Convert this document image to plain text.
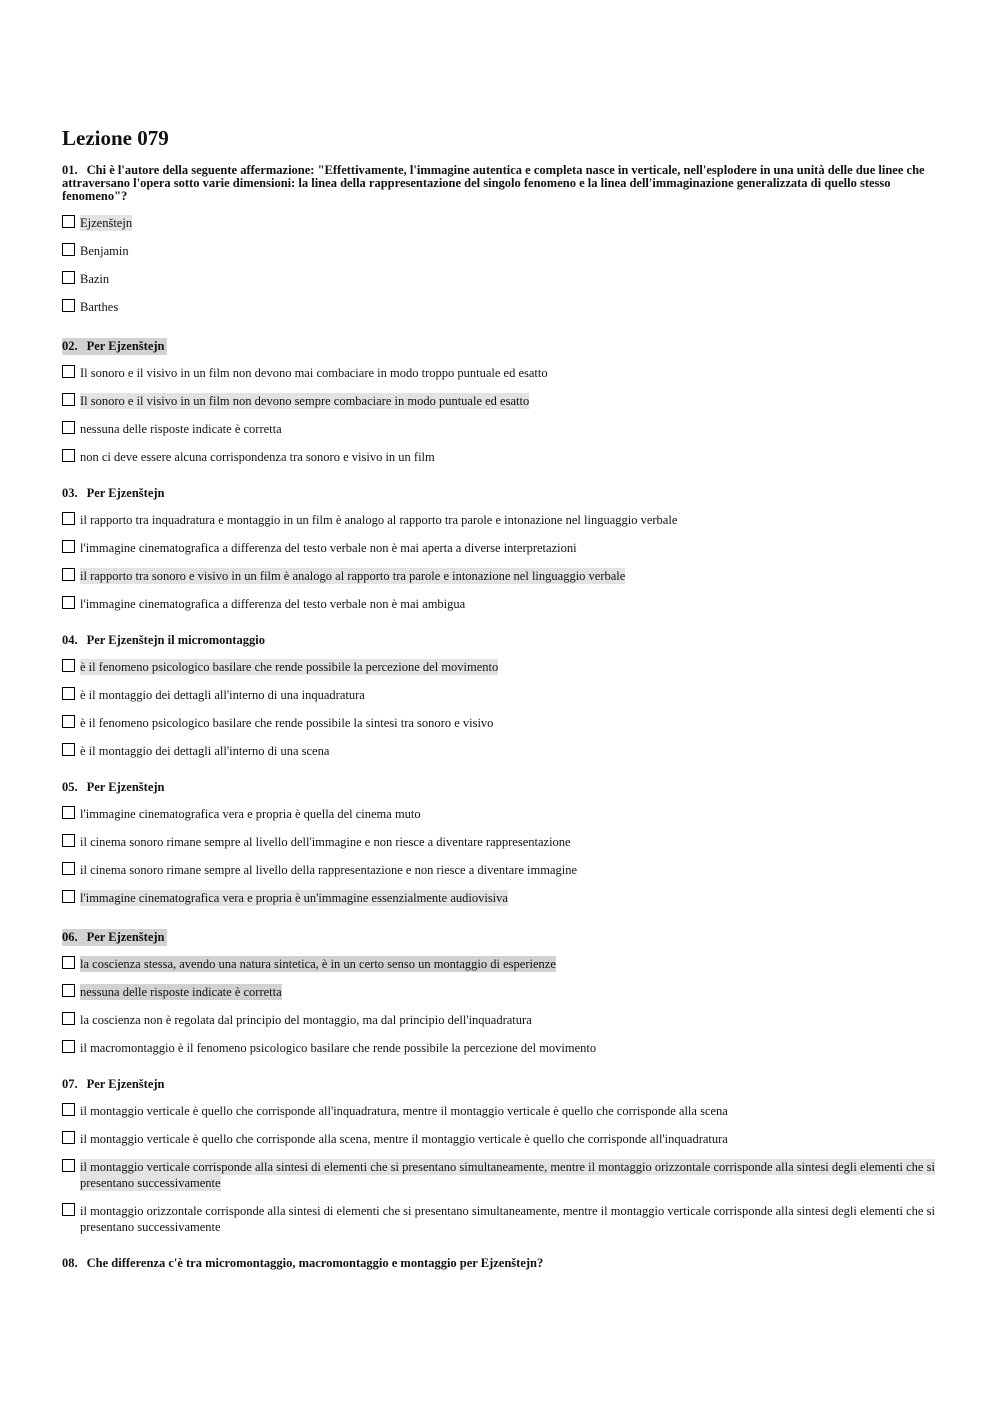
Lezione 079
01. Chi è l'autore della seguente affermazione: "Effettivamente, l'immagine autentica e completa nasce in verticale, nell'esplodere in una unità delle due linee che attraversano l'opera sotto varie dimensioni: la linea della rappresentazione del singolo fenomeno e la linea dell'immaginazione generalizzata di quello stesso fenomeno"?
Ejzenštejn
Benjamin
Bazin
Barthes
02. Per Ejzenštejn
Il sonoro e il visivo in un film non devono mai combaciare in modo troppo puntuale ed esatto
Il sonoro e il visivo in un film non devono sempre combaciare in modo puntuale ed esatto
nessuna delle risposte indicate è corretta
non ci deve essere alcuna corrispondenza tra sonoro e visivo in un film
03. Per Ejzenštejn
il rapporto tra inquadratura e montaggio in un film è analogo al rapporto tra parole e intonazione nel linguaggio verbale
l'immagine cinematografica a differenza del testo verbale non è mai aperta a diverse interpretazioni
il rapporto tra sonoro e visivo in un film è analogo al rapporto tra parole e intonazione nel linguaggio verbale
l'immagine cinematografica a differenza del testo verbale non è mai ambigua
04. Per Ejzenštejn il micromontaggio
è il fenomeno psicologico basilare che rende possibile la percezione del movimento
è il montaggio dei dettagli all'interno di una inquadratura
è il fenomeno psicologico basilare che rende possibile la sintesi tra sonoro e visivo
è il montaggio dei dettagli all'interno di una scena
05. Per Ejzenštejn
l'immagine cinematografica vera e propria è quella del cinema muto
il cinema sonoro rimane sempre al livello dell'immagine e non riesce a diventare rappresentazione
il cinema sonoro rimane sempre al livello della rappresentazione e non riesce a diventare immagine
l'immagine cinematografica vera e propria è un'immagine essenzialmente audiovisiva
06. Per Ejzenštejn
la coscienza stessa, avendo una natura sintetica, è in un certo senso un montaggio di esperienze
nessuna delle risposte indicate è corretta
la coscienza non è regolata dal principio del montaggio, ma dal principio dell'inquadratura
il macromontaggio è il fenomeno psicologico basilare che rende possibile la percezione del movimento
07. Per Ejzenštejn
il montaggio verticale è quello che corrisponde all'inquadratura, mentre il montaggio verticale è quello che corrisponde alla scena
il montaggio verticale è quello che corrisponde alla scena, mentre il montaggio verticale è quello che corrisponde all'inquadratura
il montaggio verticale corrisponde alla sintesi di elementi che si presentano simultaneamente, mentre il montaggio orizzontale corrisponde alla sintesi degli elementi che si presentano successivamente
il montaggio orizzontale corrisponde alla sintesi di elementi che si presentano simultaneamente, mentre il montaggio verticale corrisponde alla sintesi degli elementi che si presentano successivamente
08. Che differenza c'è tra micromontaggio, macromontaggio e montaggio per Ejzenštejn?
